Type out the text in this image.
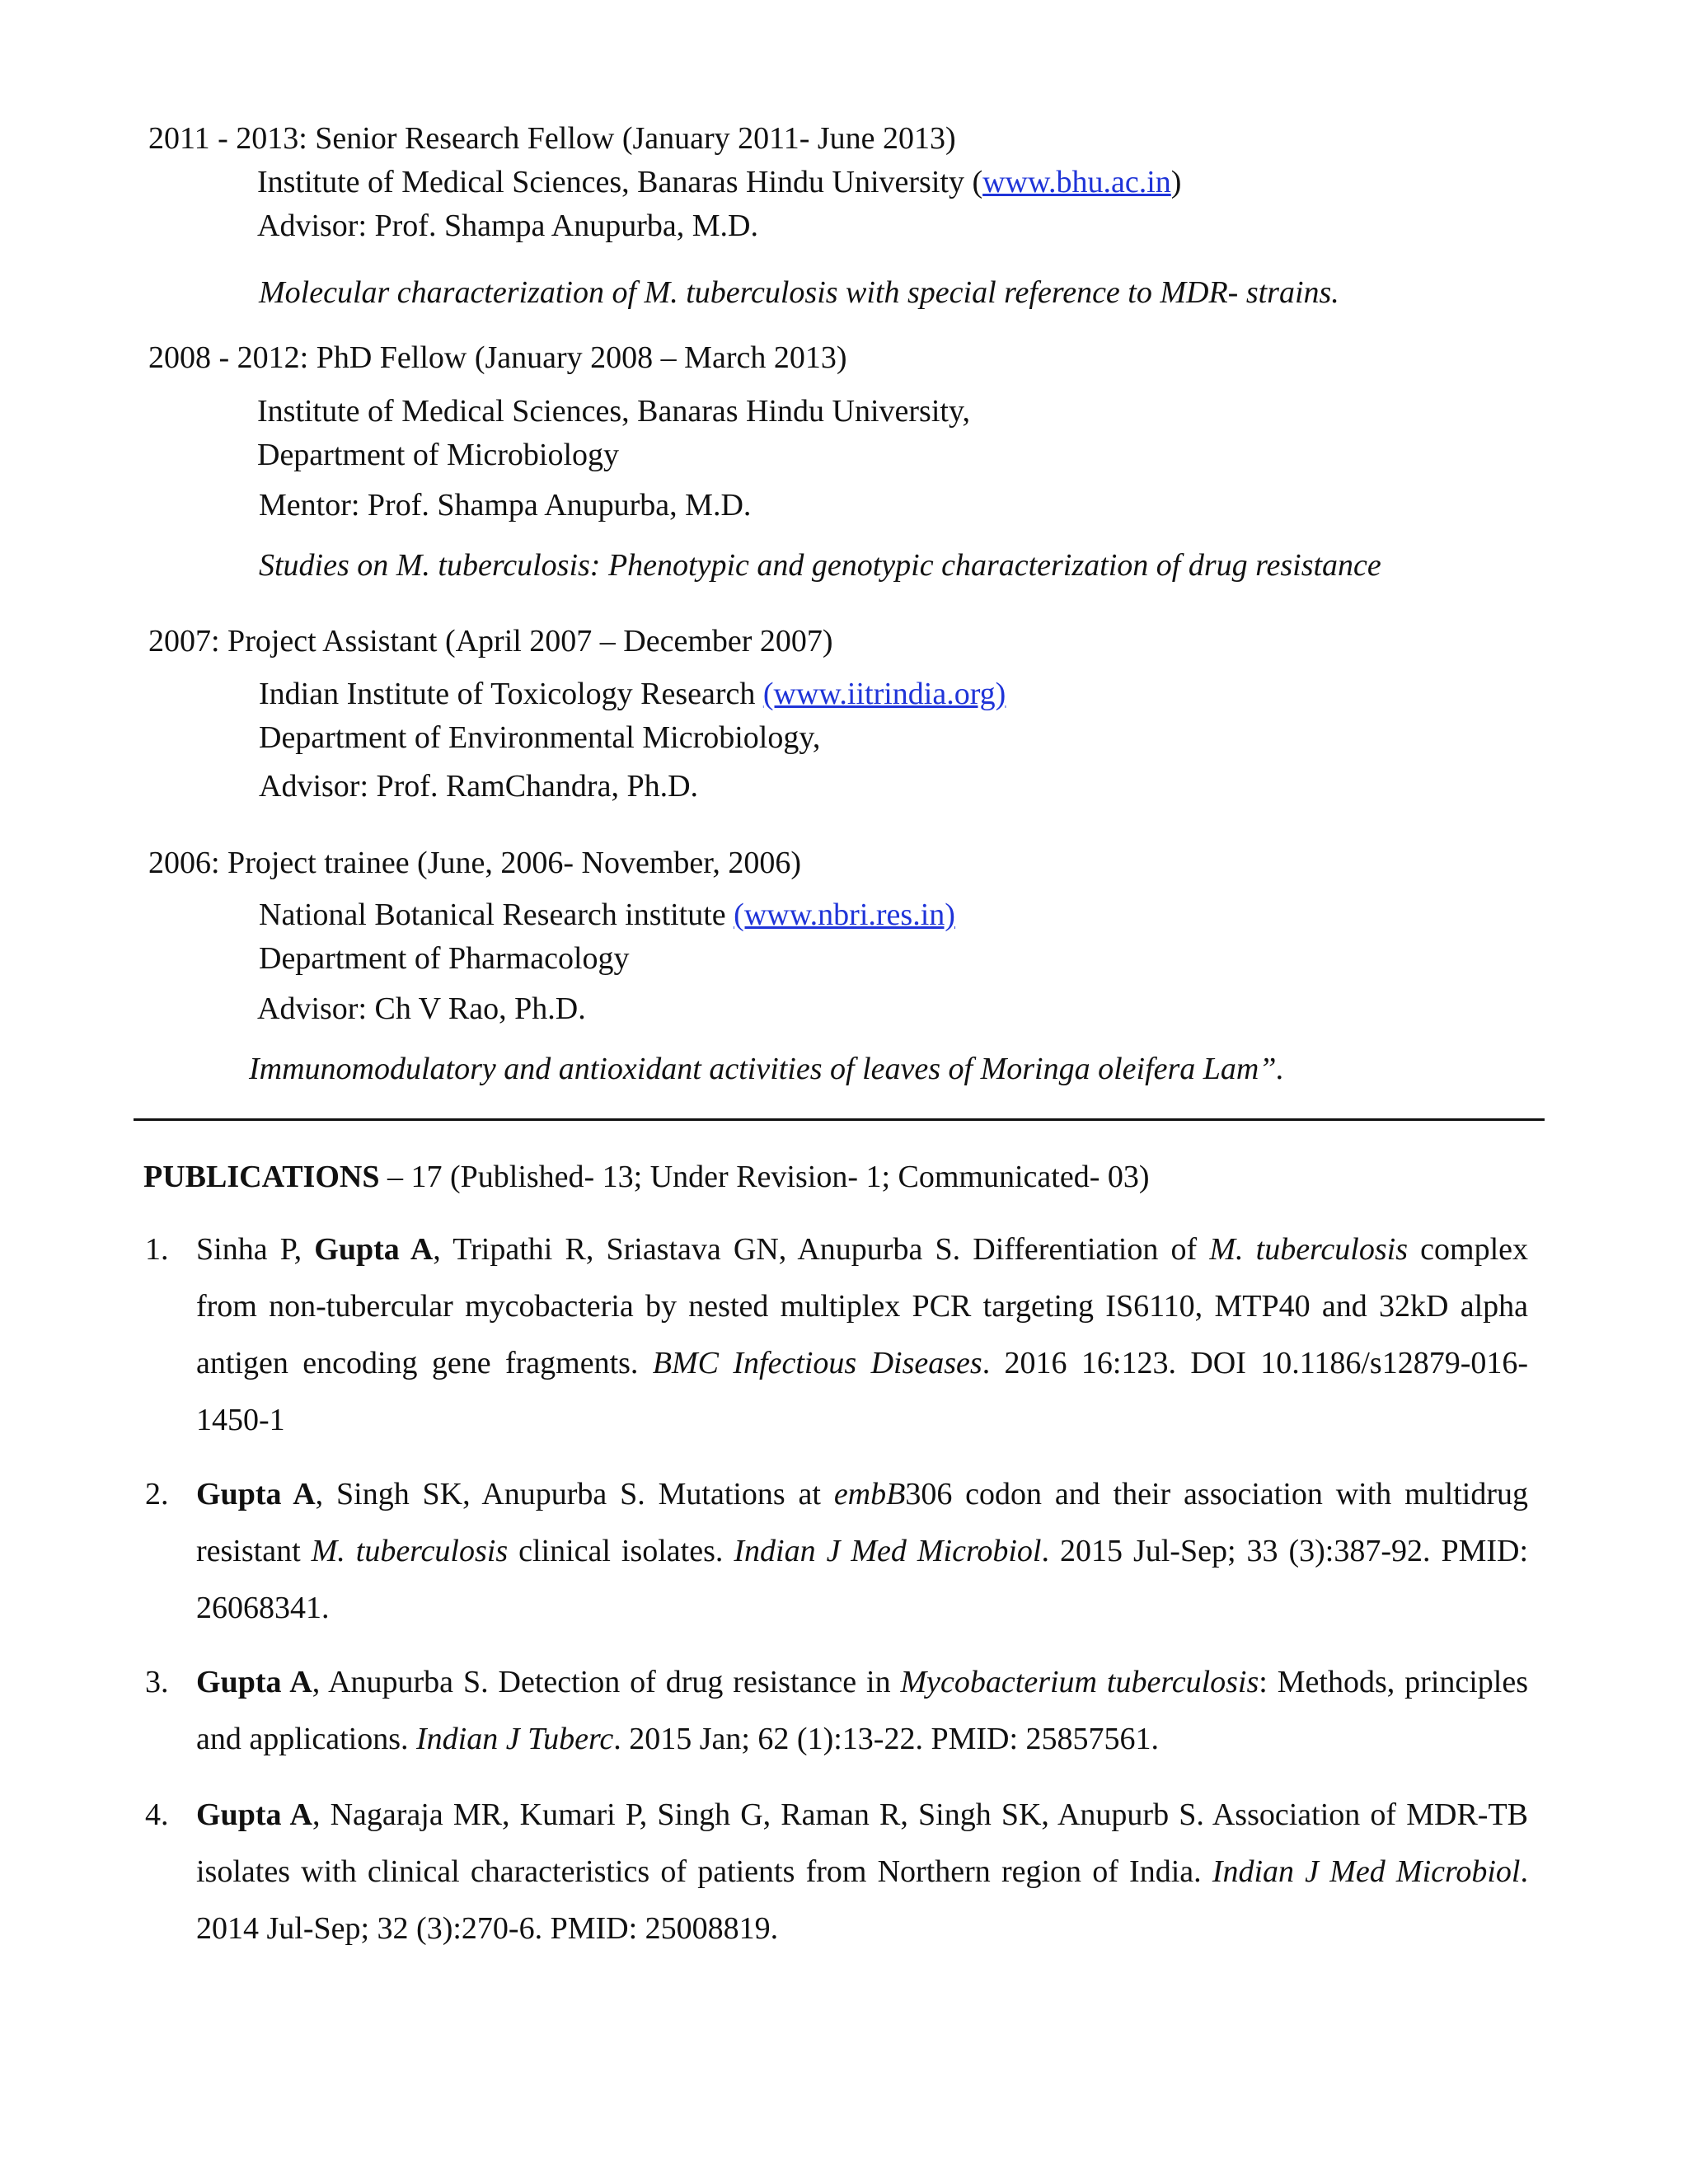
2011 - 2013: Senior Research Fellow (January 2011- June 2013)
Institute of Medical Sciences, Banaras Hindu University (www.bhu.ac.in)
Advisor: Prof. Shampa Anupurba, M.D.
Molecular characterization of M. tuberculosis with special reference to MDR- strains.
2008 - 2012: PhD Fellow (January 2008 – March 2013)
Institute of Medical Sciences, Banaras Hindu University,
Department of Microbiology
Mentor: Prof. Shampa Anupurba, M.D.
Studies on M. tuberculosis: Phenotypic and genotypic characterization of drug resistance
2007: Project Assistant (April 2007 – December 2007)
Indian Institute of Toxicology Research (www.iitrindia.org)
Department of Environmental Microbiology,
Advisor: Prof. RamChandra, Ph.D.
2006: Project trainee (June, 2006- November, 2006)
National Botanical Research institute (www.nbri.res.in)
Department of Pharmacology
Advisor: Ch V Rao, Ph.D.
Immunomodulatory and antioxidant activities of leaves of Moringa oleifera Lam”.
PUBLICATIONS – 17 (Published- 13; Under Revision- 1; Communicated- 03)
1. Sinha P, Gupta A, Tripathi R, Sriastava GN, Anupurba S. Differentiation of M. tuberculosis complex from non-tubercular mycobacteria by nested multiplex PCR targeting IS6110, MTP40 and 32kD alpha antigen encoding gene fragments. BMC Infectious Diseases. 2016 16:123. DOI 10.1186/s12879-016-1450-1
2. Gupta A, Singh SK, Anupurba S. Mutations at embB306 codon and their association with multidrug resistant M. tuberculosis clinical isolates. Indian J Med Microbiol. 2015 Jul-Sep; 33 (3):387-92. PMID: 26068341.
3. Gupta A, Anupurba S. Detection of drug resistance in Mycobacterium tuberculosis: Methods, principles and applications. Indian J Tuberc. 2015 Jan; 62 (1):13-22. PMID: 25857561.
4. Gupta A, Nagaraja MR, Kumari P, Singh G, Raman R, Singh SK, Anupurb S. Association of MDR-TB isolates with clinical characteristics of patients from Northern region of India. Indian J Med Microbiol. 2014 Jul-Sep; 32 (3):270-6. PMID: 25008819.
